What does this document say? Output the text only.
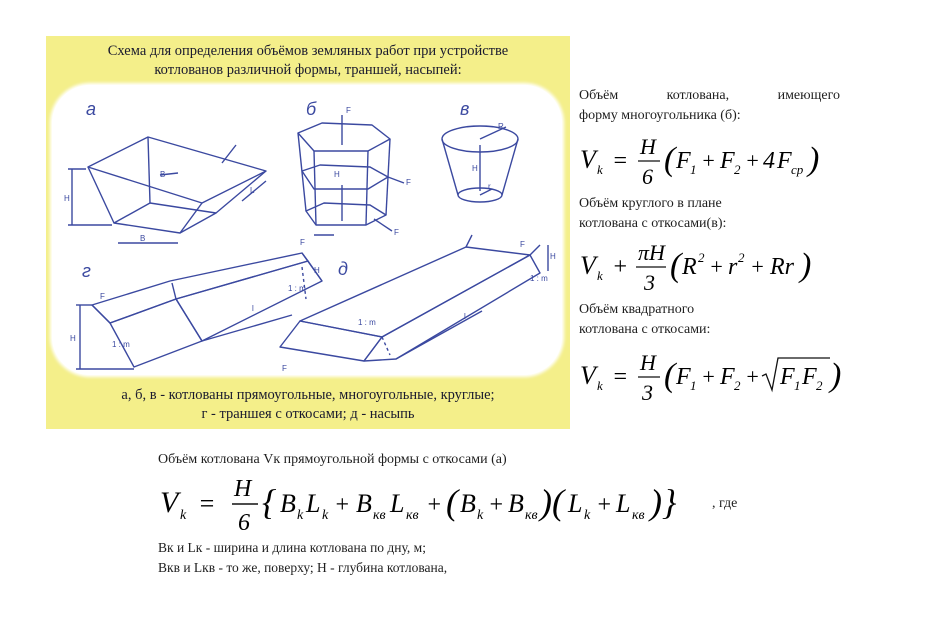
Схема для определения объёмов земляных работ при устройстве
котлованов различной формы, траншей, насыпей:
а	б	в
г	д
B
B
H
L
F
F
F
H
R
H
r
F
F
H
H
1 : m
1 : m
l
F
F
H
1 : m
1 : m
l
а, б, в - котлованы прямоугольные, многоугольные, круглые;
г - траншея с откосами; д - насыпь
Объём котлована, имеющего
форму многоугольника (б):
V k =
H
6 ( F 1 + F 2 + 4 F cp )
Объём круглого в плане
котлована с откосами(в):
V k +
πH
3 ( R 2 + r 2 + Rr )
Объём квадратного
котлована с откосами:
V k =
H
3 ( F 1 + F 2 + F 1 F 2 )
Объём котлована Vк прямоугольной формы с откосами (а)
V k = H
6
{ B k L k + B кв L кв + ( B k + B кв )( L k + L кв )}	, где
Bк и Lк - ширина и длина котлована по дну, м;
Bкв и Lкв - то же, поверху; H - глубина котлована,
